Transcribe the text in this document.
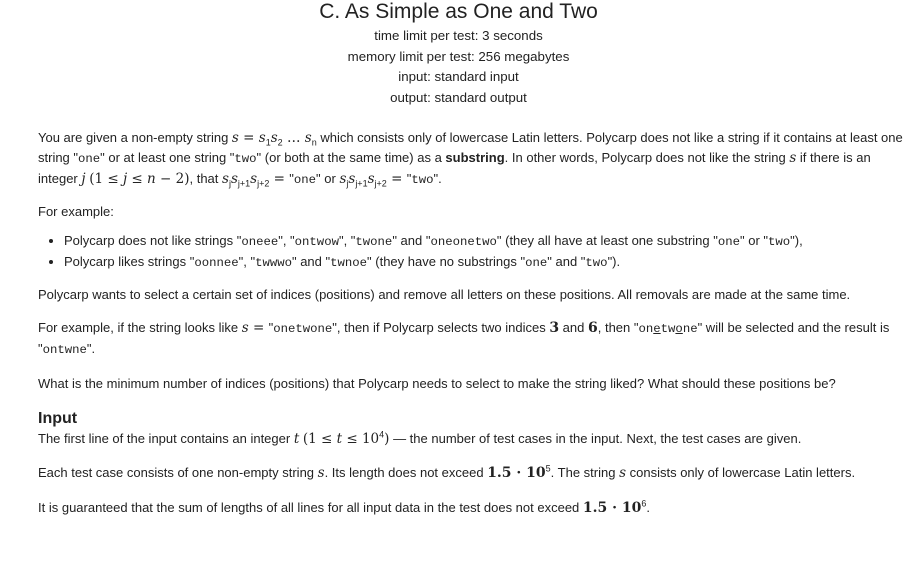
C. As Simple as One and Two
time limit per test: 3 seconds
memory limit per test: 256 megabytes
input: standard input
output: standard output

You are given a non-empty string $s = s_1s_2$ … $s_n$ which consists only of lowercase Latin letters. Polycarp does not like a string if it contains at least one string "one" or at least one string "two" (or both at the same time) as a substring. In other words, Polycarp does not like the string s if there is an integer j (1 ≤ j ≤ n − 2), that $s_js_{j+1}s_{j+2}$ = "one" or $s_js_{j+1}s_{j+2}$ = "two".

For example:

• Polycarp does not like strings "oneee", "ontwow", "twone" and "oneonetwo" (they all have at least one substring "one" or "two"),
• Polycarp likes strings "oonnee", "twwwo" and "twnoe" (they have no substrings "one" and "two").

Polycarp wants to select a certain set of indices (positions) and remove all letters on these positions. All removals are made at the same time.

For example, if the string looks like s = "onetwone", then if Polycarp selects two indices 3 and 6, then "onetwone" will be selected and the result is "ontwne".

What is the minimum number of indices (positions) that Polycarp needs to select to make the string liked? What should these positions be?

Input

The first line of the input contains an integer t $(1 \le t \le 10^4)$ — the number of test cases in the input. Next, the test cases are given.

Each test case consists of one non-empty string s. Its length does not exceed $1.5 \cdot 10^5$. The string s consists only of lowercase Latin letters.

It is guaranteed that the sum of lengths of all lines for all input data in the test does not exceed $1.5 \cdot 10^6$.
